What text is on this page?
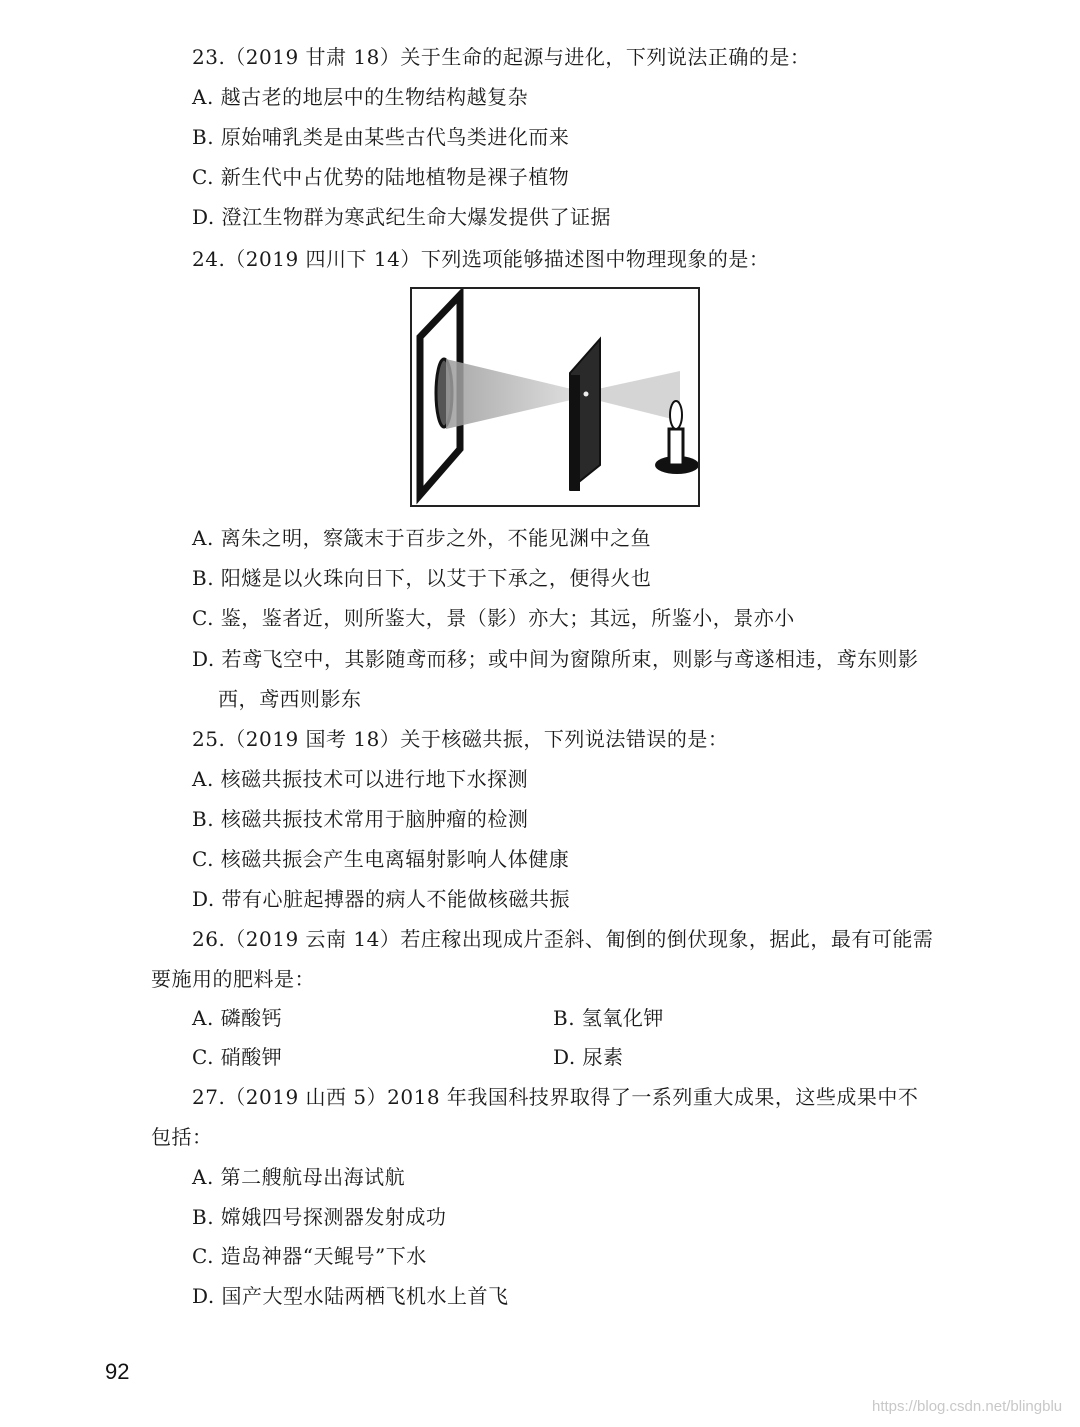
23.（2019 甘肃 18）关于生命的起源与进化，下列说法正确的是：
A. 越古老的地层中的生物结构越复杂
B. 原始哺乳类是由某些古代鸟类进化而来
C. 新生代中占优势的陆地植物是裸子植物
D. 澄江生物群为寒武纪生命大爆发提供了证据
24.（2019 四川下 14）下列选项能够描述图中物理现象的是：
A. 离朱之明，察箴末于百步之外，不能见渊中之鱼
B. 阳燧是以火珠向日下，以艾于下承之，便得火也
C. 鉴，鉴者近，则所鉴大，景（影）亦大；其远，所鉴小，景亦小
D. 若鸢飞空中，其影随鸢而移；或中间为窗隙所束，则影与鸢遂相违，鸢东则影
西，鸢西则影东
25.（2019 国考 18）关于核磁共振，下列说法错误的是：
A. 核磁共振技术可以进行地下水探测
B. 核磁共振技术常用于脑肿瘤的检测
C. 核磁共振会产生电离辐射影响人体健康
D. 带有心脏起搏器的病人不能做核磁共振
26.（2019 云南 14）若庄稼出现成片歪斜、匍倒的倒伏现象，据此，最有可能需
要施用的肥料是：
A. 磷酸钙	B. 氢氧化钾
C. 硝酸钾	D. 尿素
27.（2019 山西 5）2018 年我国科技界取得了一系列重大成果，这些成果中不
包括：
A. 第二艘航母出海试航
B. 嫦娥四号探测器发射成功
C. 造岛神器“天鲲号”下水
D. 国产大型水陆两栖飞机水上首飞
92
https://blog.csdn.net/blingblu
